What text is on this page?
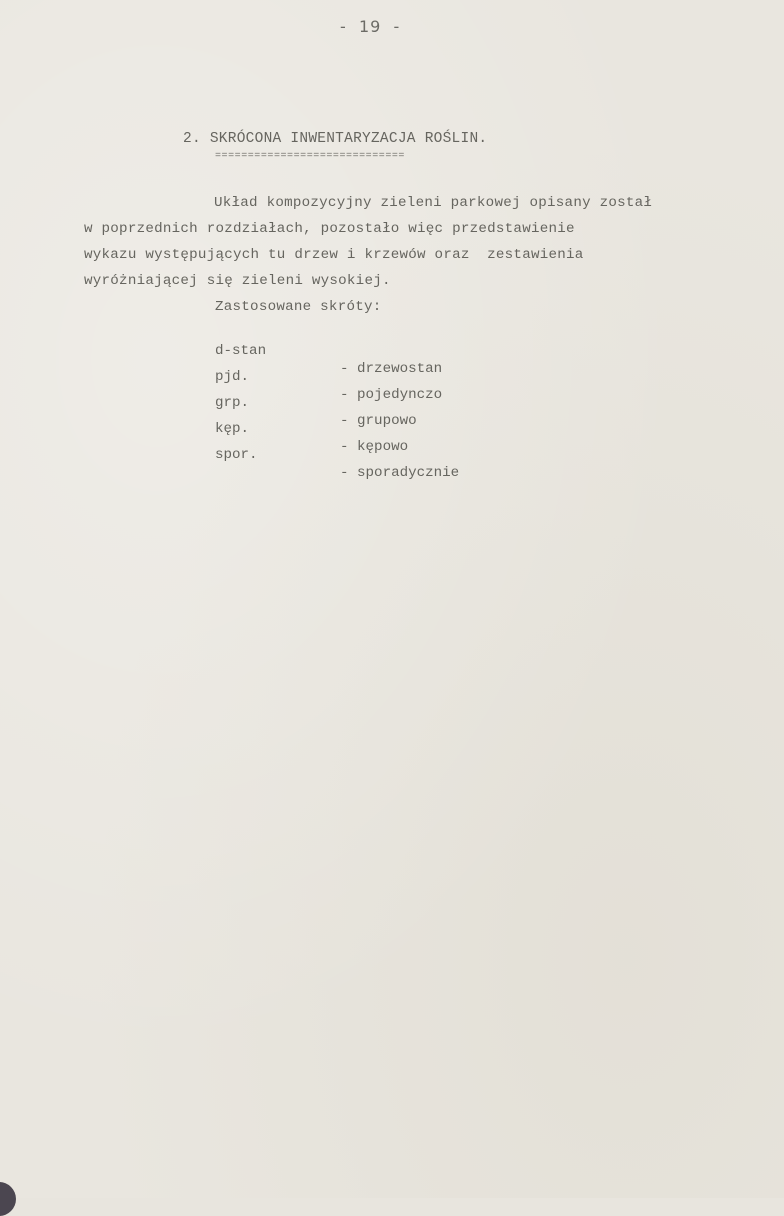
-  19  -
2. SKRÓCONA INWENTARYZACJA ROŚLIN.
=============================
Układ kompozycyjny zieleni parkowej opisany został
w poprzednich rozdziałach, pozostało więc przedstawienie
wykazu występujących tu drzew i krzewów oraz  zestawienia
wyróżniającej się zieleni wysokiej.
Zastosowane skróty:

d-stan

- drzewostan

pjd.

- pojedynczo

grp.

- grupowo

kęp.

- kępowo

spor.

- sporadycznie
